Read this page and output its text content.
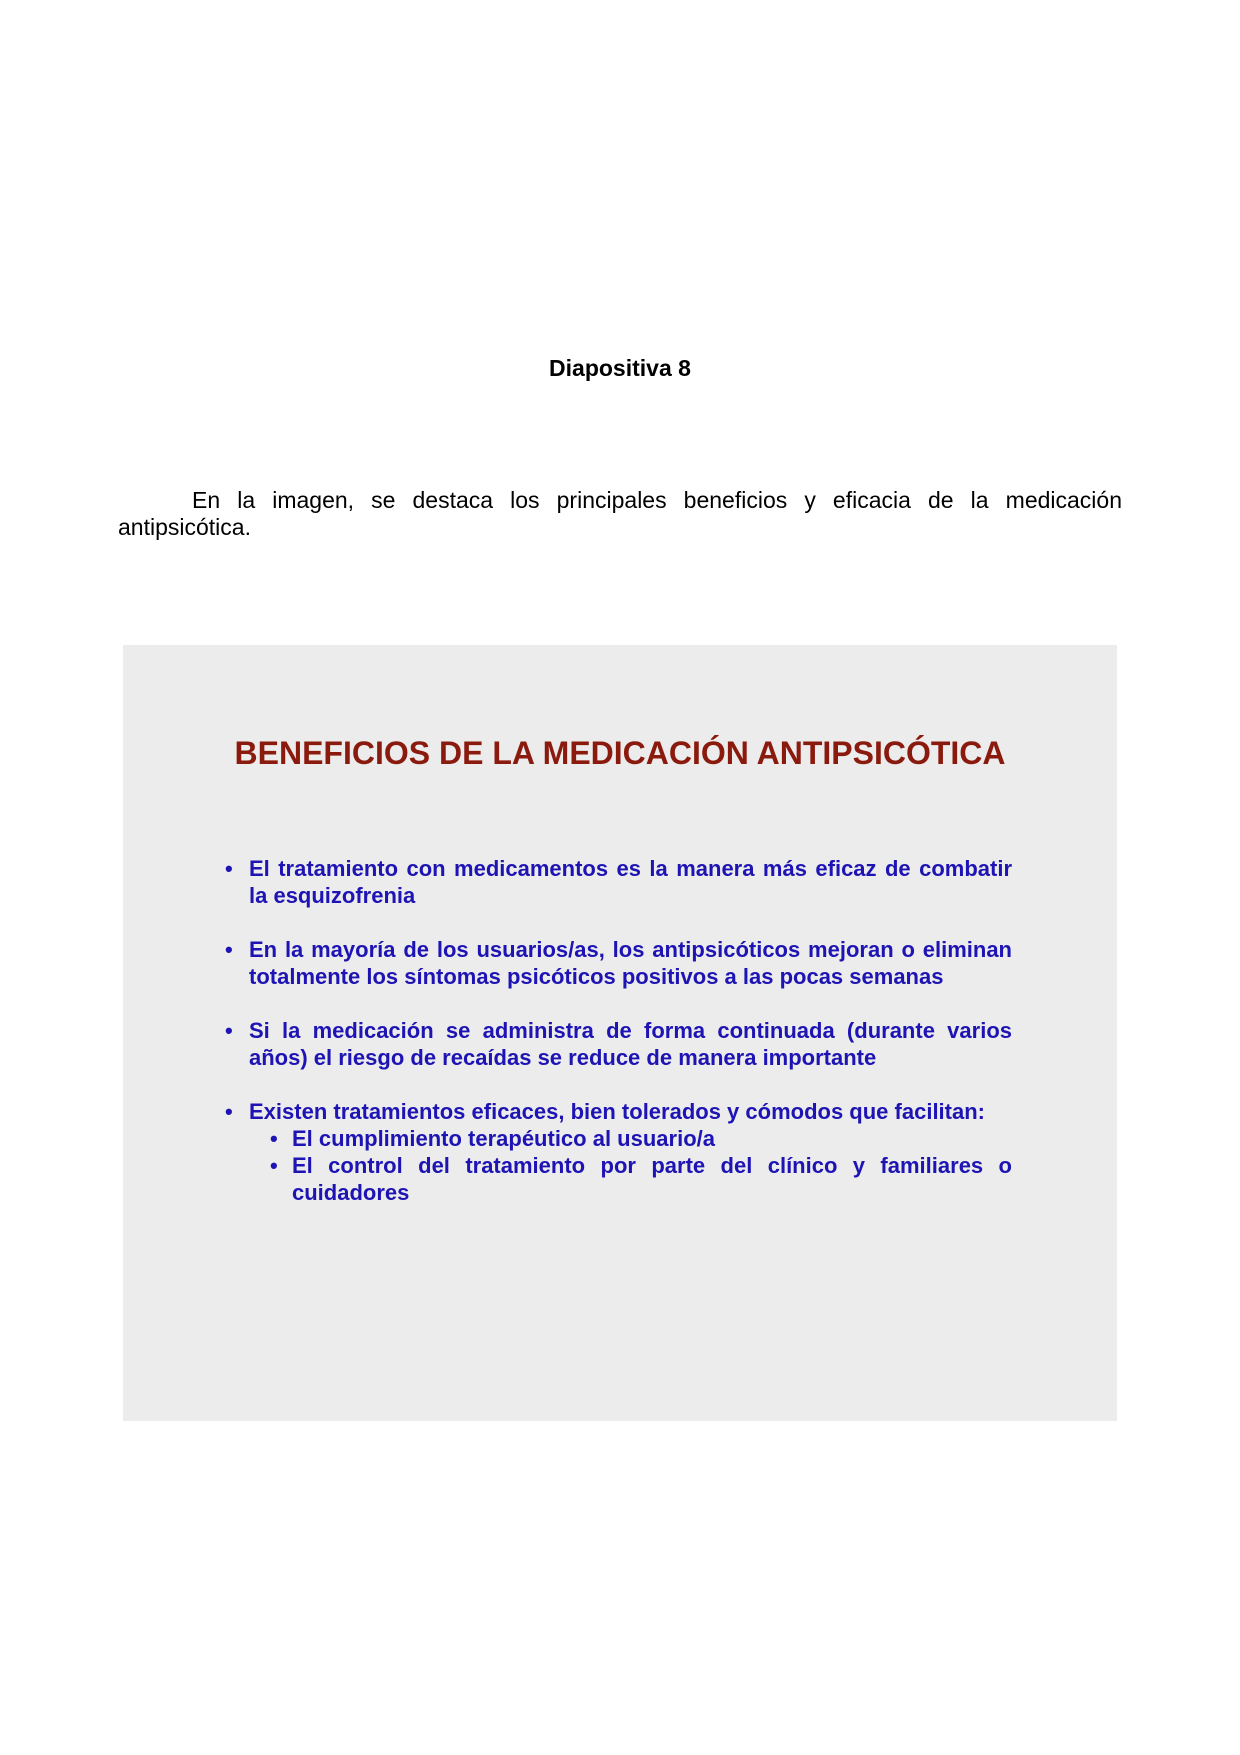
Diapositiva 8

En la imagen, se destaca los principales beneficios y eficacia de la medicación antipsicótica.

BENEFICIOS DE LA MEDICACIÓN ANTIPSICÓTICA
• El tratamiento con medicamentos es la manera más eficaz de combatir la esquizofrenia
• En la mayoría de los usuarios/as, los antipsicóticos mejoran o eliminan totalmente los síntomas psicóticos positivos a las pocas semanas
• Si la medicación se administra de forma continuada (durante varios años) el riesgo de recaídas se reduce de manera importante
• Existen tratamientos eficaces, bien tolerados y cómodos que facilitan:
• El cumplimiento terapéutico al usuario/a
• El control del tratamiento por parte del clínico y familiares o cuidadores
